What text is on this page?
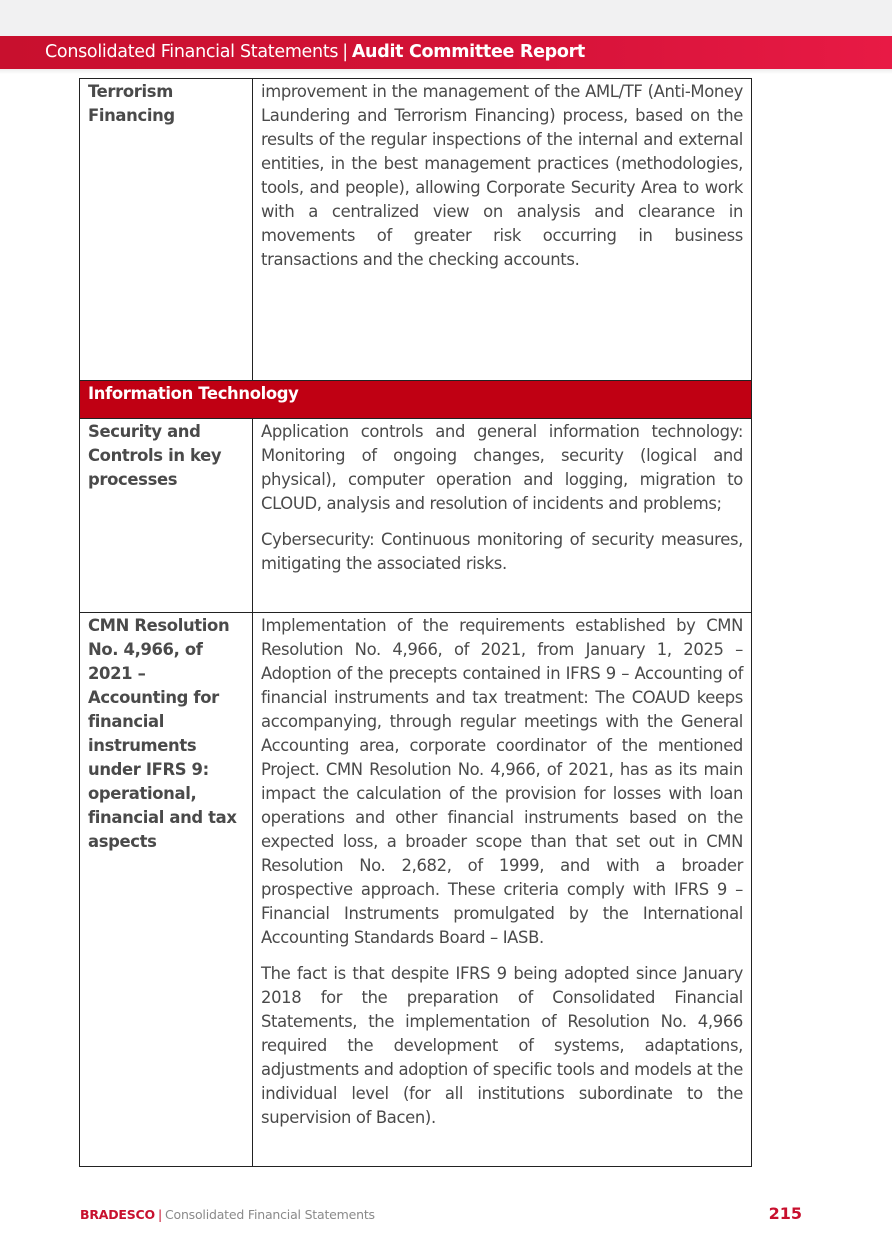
Consolidated Financial Statements | Audit Committee Report
Terrorism Financing	improvement in the management of the AML/TF (Anti-Money Laundering and Terrorism Financing) process, based on the results of the regular inspections of the internal and external entities, in the best management practices (methodologies, tools, and people), allowing Corporate Security Area to work with a centralized view on analysis and clearance in movements of greater risk occurring in business transactions and the checking accounts.

Information Technology	
Security and Controls in key processes	Application controls and general information technology: Monitoring of ongoing changes, security (logical and physical), computer operation and logging, migration to CLOUD, analysis and resolution of incidents and problems;

Cybersecurity: Continuous monitoring of security measures, mitigating the associated risks.

CMN Resolution No. 4,966, of 2021 – Accounting for financial instruments under IFRS 9: operational, financial and tax aspects	Implementation of the requirements established by CMN Resolution No. 4,966, of 2021, from January 1, 2025 – Adoption of the precepts contained in IFRS 9 – Accounting of financial instruments and tax treatment: The COAUD keeps accompanying, through regular meetings with the General Accounting area, corporate coordinator of the mentioned Project. CMN Resolution No. 4,966, of 2021, has as its main impact the calculation of the provision for losses with loan operations and other financial instruments based on the expected loss, a broader scope than that set out in CMN Resolution No. 2,682, of 1999, and with a broader prospective approach. These criteria comply with IFRS 9 – Financial Instruments promulgated by the International Accounting Standards Board – IASB.

The fact is that despite IFRS 9 being adopted since January 2018 for the preparation of Consolidated Financial Statements, the implementation of Resolution No. 4,966 required the development of systems, adaptations, adjustments and adoption of specific tools and models at the individual level (for all institutions subordinate to the supervision of Bacen).

BRADESCO | Consolidated Financial Statements	215
